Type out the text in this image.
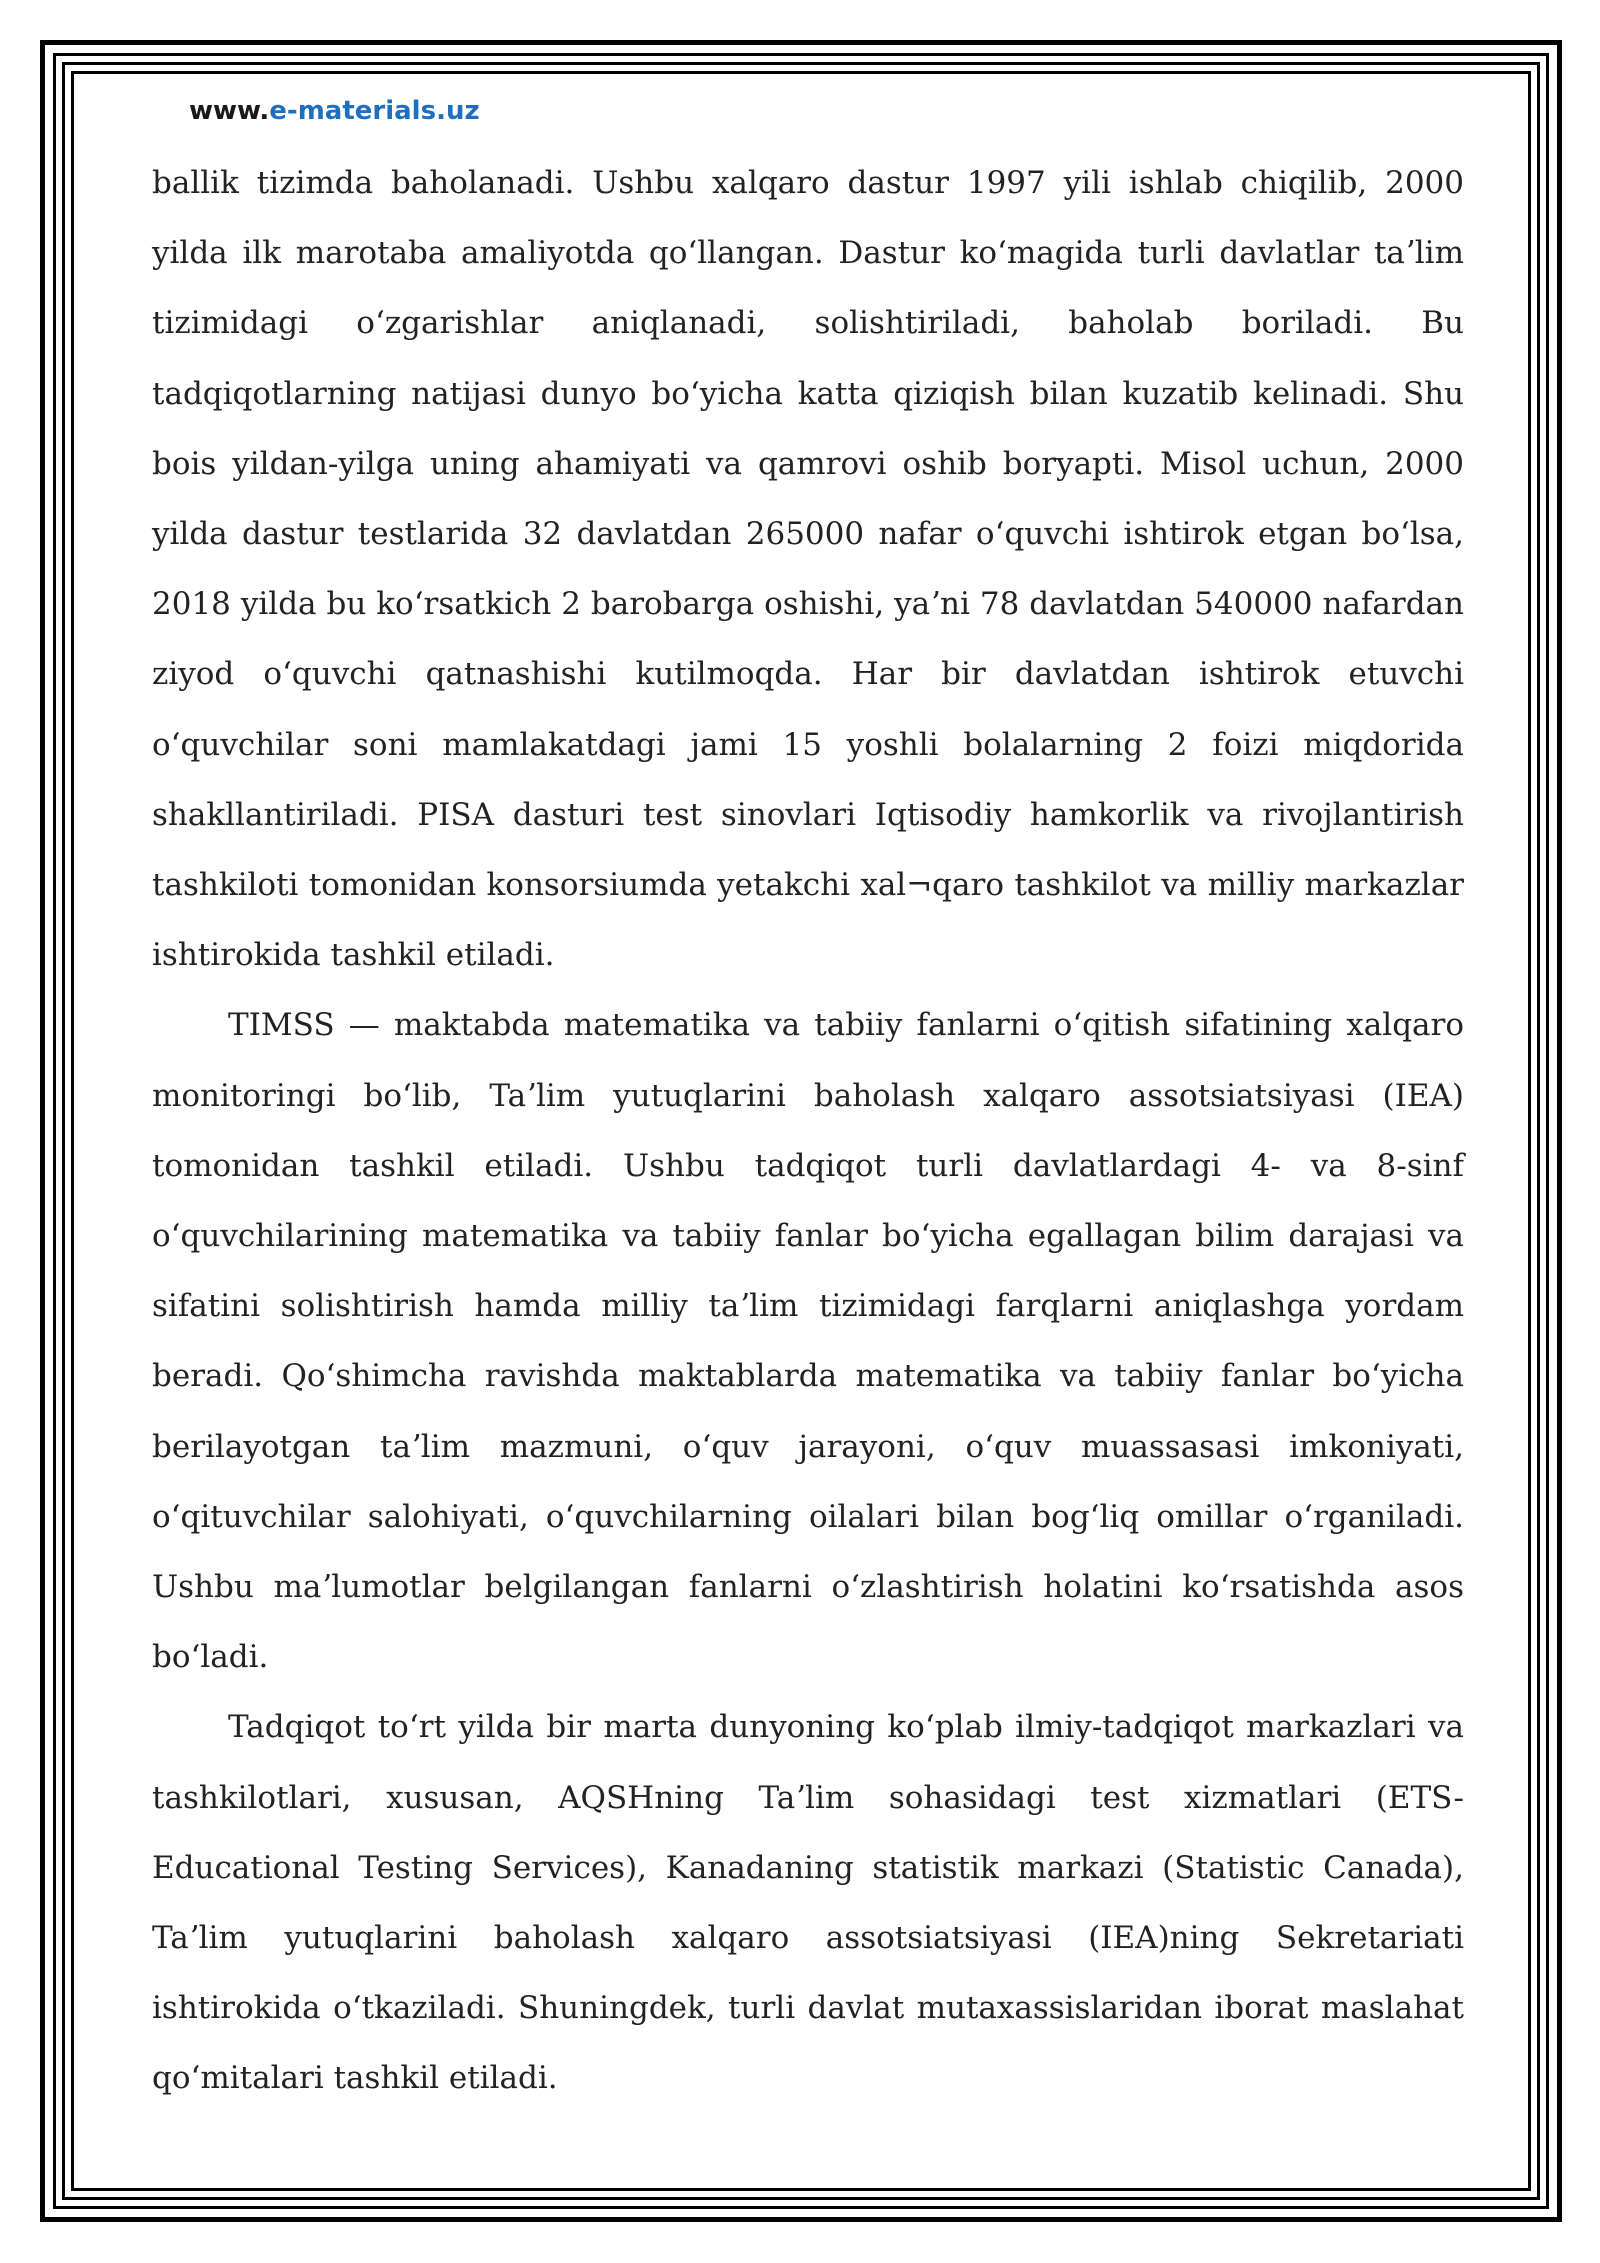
www.e-materials.uz

ballik tizimda baholanadi. Ushbu xalqaro dastur 1997 yili ishlab chiqilib, 2000 yilda ilk marotaba amaliyotda qoʻllangan. Dastur koʻmagida turli davlatlar taʼlim tizimidagi oʻzgarishlar aniqlanadi, solishtiriladi, baholab boriladi. Bu tadqiqotlarning natijasi dunyo boʻyicha katta qiziqish bilan kuzatib kelinadi. Shu bois yildan-yilga uning ahamiyati va qamrovi oshib boryapti. Misol uchun, 2000 yilda dastur testlarida 32 davlatdan 265000 nafar oʻquvchi ishtirok etgan boʻlsa, 2018 yilda bu koʻrsatkich 2 barobarga oshishi, yaʼni 78 davlatdan 540000 nafardan ziyod oʻquvchi qatnashishi kutilmoqda. Har bir davlatdan ishtirok etuvchi oʻquvchilar soni mamlakatdagi jami 15 yoshli bolalarning 2 foizi miqdorida shakllantiriladi. PISA dasturi test sinovlari Iqtisodiy hamkorlik va rivojlantirish tashkiloti tomonidan konsorsiumda yetakchi xal¬qaro tashkilot va milliy markazlar ishtirokida tashkil etiladi.

TIMSS — maktabda matematika va tabiiy fanlarni oʻqitish sifatining xalqaro monitoringi boʻlib, Taʼlim yutuqlarini baholash xalqaro assotsiatsiyasi (IEA) tomonidan tashkil etiladi. Ushbu tadqiqot turli davlatlardagi 4- va 8-sinf oʻquvchilarining matematika va tabiiy fanlar boʻyicha egallagan bilim darajasi va sifatini solishtirish hamda milliy taʼlim tizimidagi farqlarni aniqlashga yordam beradi. Qoʻshimcha ravishda maktablarda matematika va tabiiy fanlar boʻyicha berilayotgan taʼlim mazmuni, oʻquv jarayoni, oʻquv muassasasi imkoniyati, oʻqituvchilar salohiyati, oʻquvchilarning oilalari bilan bogʻliq omillar oʻrganiladi. Ushbu maʼlumotlar belgilangan fanlarni oʻzlashtirish holatini koʻrsatishda asos boʻladi.

Tadqiqot toʻrt yilda bir marta dunyoning koʻplab ilmiy-tadqiqot markazlari va tashkilotlari, xususan, AQSHning Taʼlim sohasidagi test xizmatlari (ETS-Educational Testing Services), Kanadaning statistik markazi (Statistic Canada), Taʼlim yutuqlarini baholash xalqaro assotsiatsiyasi (IEA)ning Sekretariati ishtirokida oʻtkaziladi. Shuningdek, turli davlat mutaxassislaridan iborat maslahat qoʻmitalari tashkil etiladi.
